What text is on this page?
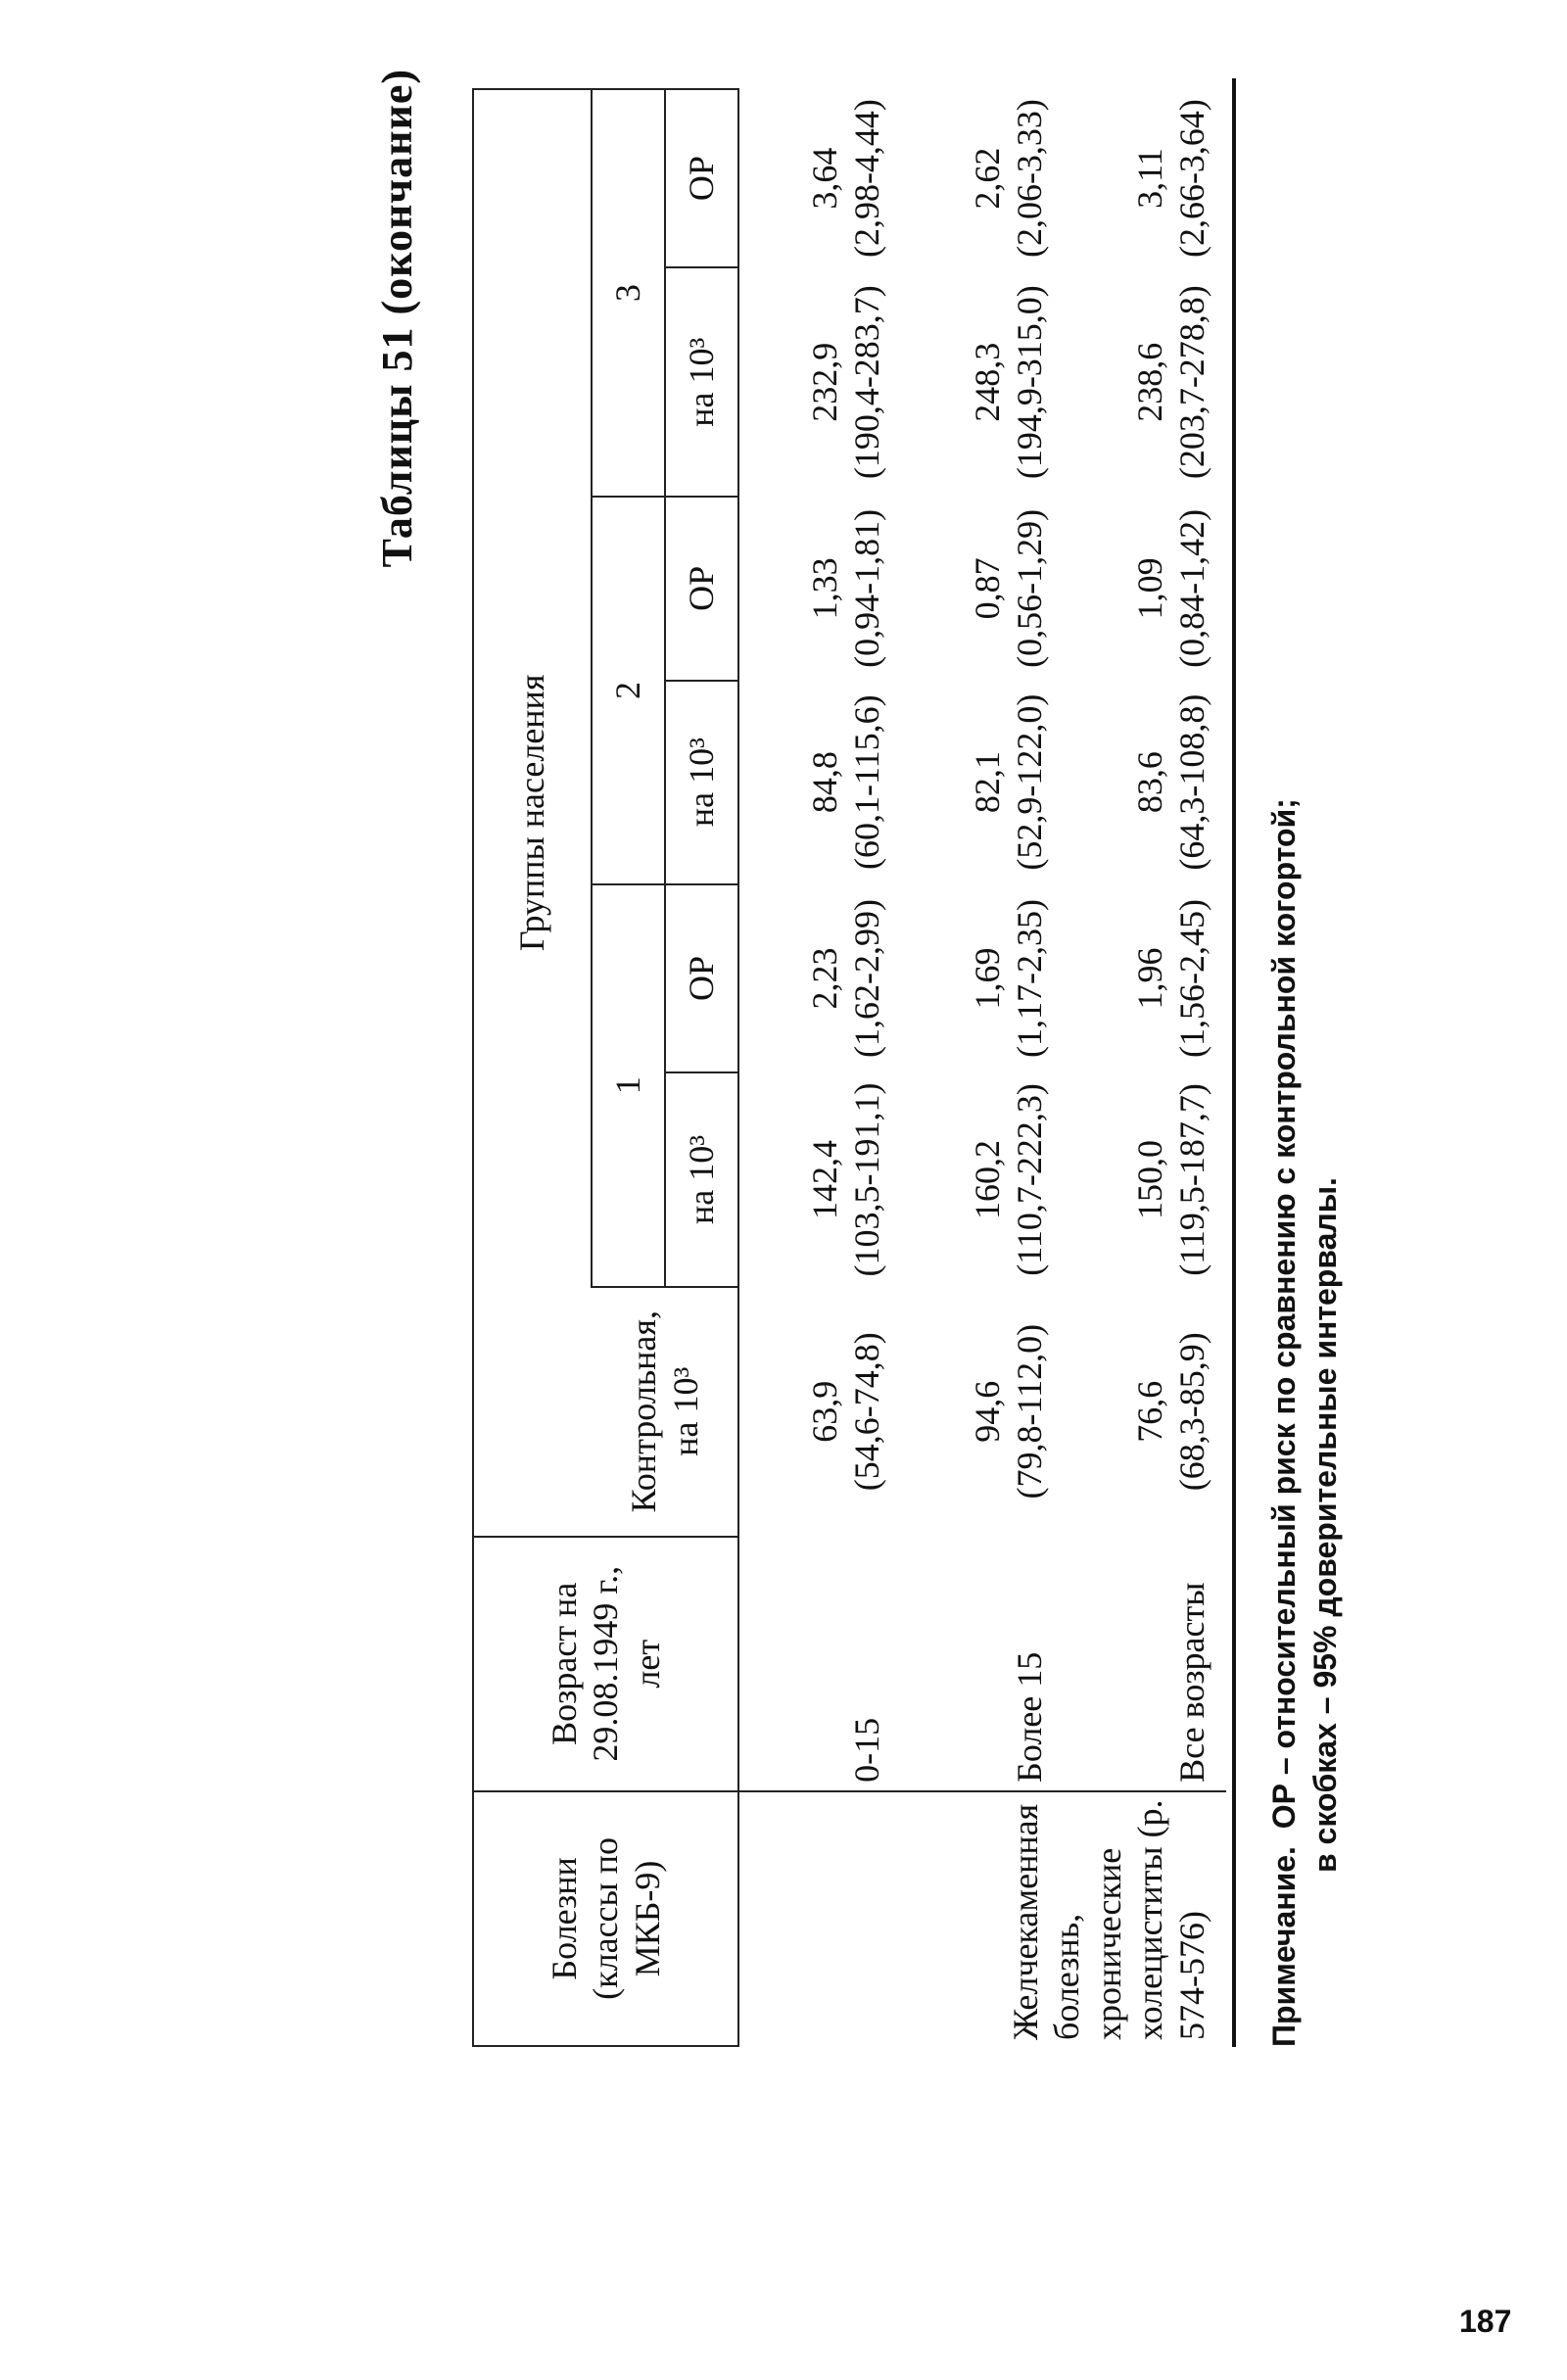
Таблицы 51 (окончание)
Болезни (классы по МКБ-9)	Возраст на 29.08.1949 г., лет	Группы населения						
		Контрольная, на 10³	1		2		3	
			на 10³	ОР	на 10³	ОР	на 10³	ОР
Желчекаменная болезнь, хронические холециститы (р. 574-576)	0-15	63,9 (54,6-74,8)	142,4 (103,5-191,1)	2,23 (1,62-2,99)	84,8 (60,1-115,6)	1,33 (0,94-1,81)	232,9 (190,4-283,7)	3,64 (2,98-4,44)

	Более 15	94,6 (79,8-112,0)	160,2 (110,7-222,3)	1,69 (1,17-2,35)	82,1 (52,9-122,0)	0,87 (0,56-1,29)	248,3 (194,9-315,0)	2,62 (2,06-3,33)

	Все возрасты	76,6 (68,3-85,9)	150,0 (119,5-187,7)	1,96 (1,56-2,45)	83,6 (64,3-108,8)	1,09 (0,84-1,42)	238,6 (203,7-278,8)	3,11 (2,66-3,64)
Примечание.  ОР – относительный риск по сравнению с контрольной когортой; в скобках – 95% доверительные интервалы.
187
